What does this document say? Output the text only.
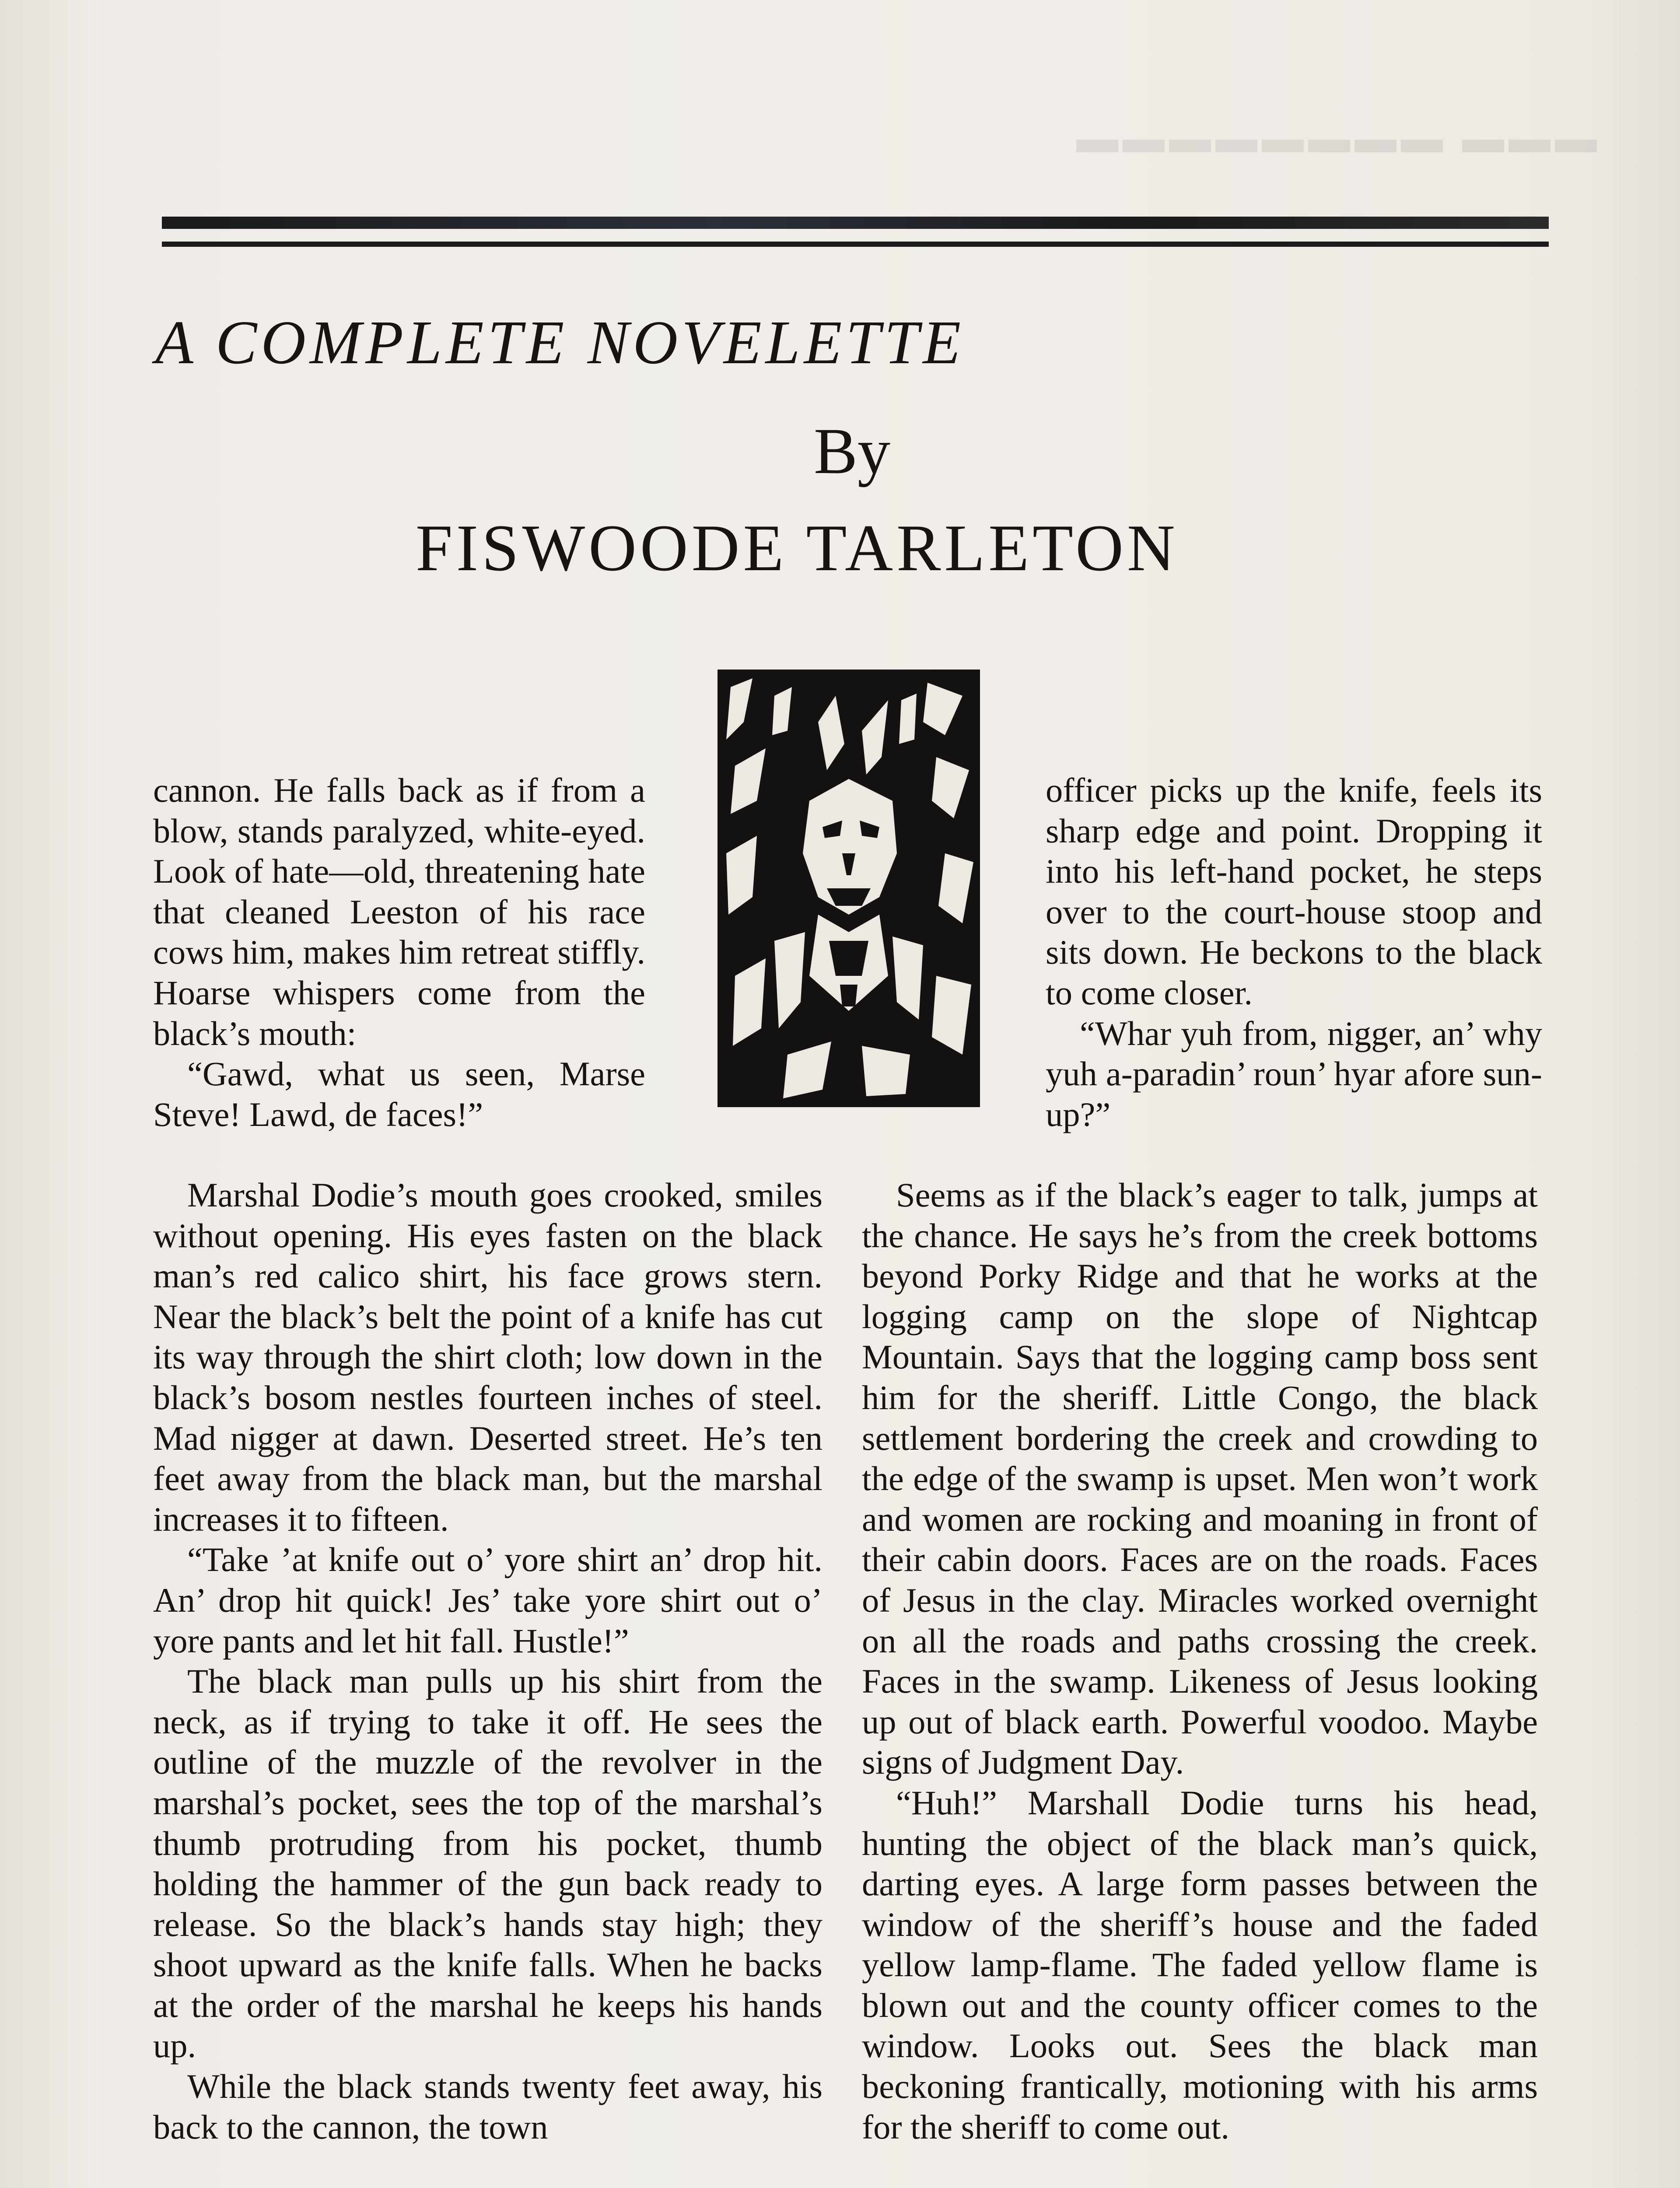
▬▬▬ ▬▬▬▬▬▬▬▬
A COMPLETE NOVELETTE
By
FISWOODE TARLETON

cannon. He falls back as if from a blow, stands paralyzed, white-eyed. Look of hate—old, threatening hate that cleaned Leeston of his race cows him, makes him retreat stiffly. Hoarse whispers come from the black’s mouth:

“Gawd, what us seen, Marse Steve! Lawd, de faces!”

officer picks up the knife, feels its sharp edge and point. Dropping it into his left-hand pocket, he steps over to the court-house stoop and sits down. He beckons to the black to come closer.

“Whar yuh from, nigger, an’ why yuh a-paradin’ roun’ hyar afore sun-up?”

Marshal Dodie’s mouth goes crooked, smiles without opening. His eyes fasten on the black man’s red calico shirt, his face grows stern. Near the black’s belt the point of a knife has cut its way through the shirt cloth; low down in the black’s bosom nestles fourteen inches of steel. Mad nigger at dawn. Deserted street. He’s ten feet away from the black man, but the marshal increases it to fifteen.

“Take ’at knife out o’ yore shirt an’ drop hit. An’ drop hit quick! Jes’ take yore shirt out o’ yore pants and let hit fall. Hustle!”

The black man pulls up his shirt from the neck, as if trying to take it off. He sees the outline of the muzzle of the revolver in the marshal’s pocket, sees the top of the marshal’s thumb protruding from his pocket, thumb holding the hammer of the gun back ready to release. So the black’s hands stay high; they shoot upward as the knife falls. When he backs at the order of the marshal he keeps his hands up.

While the black stands twenty feet away, his back to the cannon, the town

Seems as if the black’s eager to talk, jumps at the chance. He says he’s from the creek bottoms beyond Porky Ridge and that he works at the logging camp on the slope of Nightcap Mountain. Says that the logging camp boss sent him for the sheriff. Little Congo, the black settlement bordering the creek and crowding to the edge of the swamp is upset. Men won’t work and women are rocking and moaning in front of their cabin doors. Faces are on the roads. Faces of Jesus in the clay. Miracles worked overnight on all the roads and paths crossing the creek. Faces in the swamp. Likeness of Jesus looking up out of black earth. Powerful voodoo. Maybe signs of Judgment Day.

“Huh!” Marshall Dodie turns his head, hunting the object of the black man’s quick, darting eyes. A large form passes between the window of the sheriff’s house and the faded yellow lamp-flame. The faded yellow flame is blown out and the county officer comes to the window. Looks out. Sees the black man beckoning frantically, motioning with his arms for the sheriff to come out.
